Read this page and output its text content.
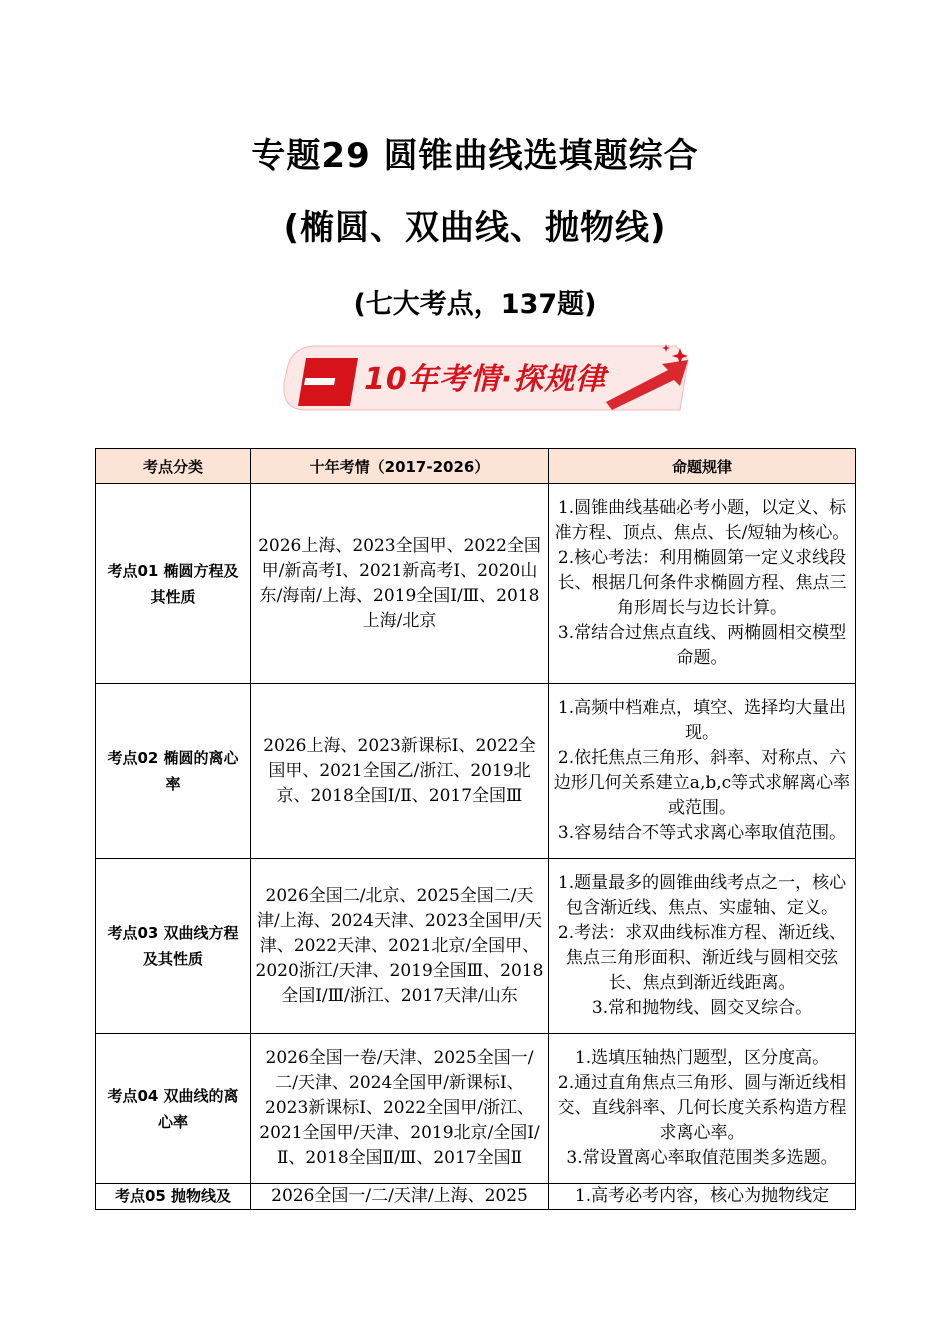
专题29 圆锥曲线选填题综合
(椭圆、双曲线、抛物线)
(七大考点，137题)
10年考情·探规律
考点分类	十年考情（2017-2026）	命题规律
考点01 椭圆方程及其性质	2026上海、2023全国甲、2022全国甲/新高考Ⅰ、2021新高考Ⅰ、2020山东/海南/上海、2019全国Ⅰ/Ⅲ、2018上海/北京	1.圆锥曲线基础必考小题，以定义、标准方程、顶点、焦点、长/短轴为核心。

2.核心考法：利用椭圆第一定义求线段长、根据几何条件求椭圆方程、焦点三角形周长与边长计算。

3.常结合过焦点直线、两椭圆相交模型命题。

考点02 椭圆的离心率	2026上海、2023新课标Ⅰ、2022全国甲、2021全国乙/浙江、2019北京、2018全国Ⅰ/Ⅱ、2017全国Ⅲ	1.高频中档难点，填空、选择均大量出现。

2.依托焦点三角形、斜率、对称点、六边形几何关系建立a,b,c等式求解离心率或范围。

3.容易结合不等式求离心率取值范围。

考点03 双曲线方程及其性质	2026全国二/北京、2025全国二/天津/上海、2024天津、2023全国甲/天津、2022天津、2021北京/全国甲、2020浙江/天津、2019全国Ⅲ、2018全国Ⅰ/Ⅲ/浙江、2017天津/山东	1.题量最多的圆锥曲线考点之一，核心包含渐近线、焦点、实虚轴、定义。

2.考法：求双曲线标准方程、渐近线、焦点三角形面积、渐近线与圆相交弦长、焦点到渐近线距离。

3.常和抛物线、圆交叉综合。

考点04 双曲线的离心率	2026全国一卷/天津、2025全国一/二/天津、2024全国甲/新课标Ⅰ、2023新课标Ⅰ、2022全国甲/浙江、2021全国甲/天津、2019北京/全国Ⅰ/Ⅱ、2018全国Ⅱ/Ⅲ、2017全国Ⅱ	1.选填压轴热门题型，区分度高。

2.通过直角焦点三角形、圆与渐近线相交、直线斜率、几何长度关系构造方程求离心率。

3.常设置离心率取值范围类多选题。

考点05 抛物线及	2026全国一/二/天津/上海、2025	1.高考必考内容，核心为抛物线定
